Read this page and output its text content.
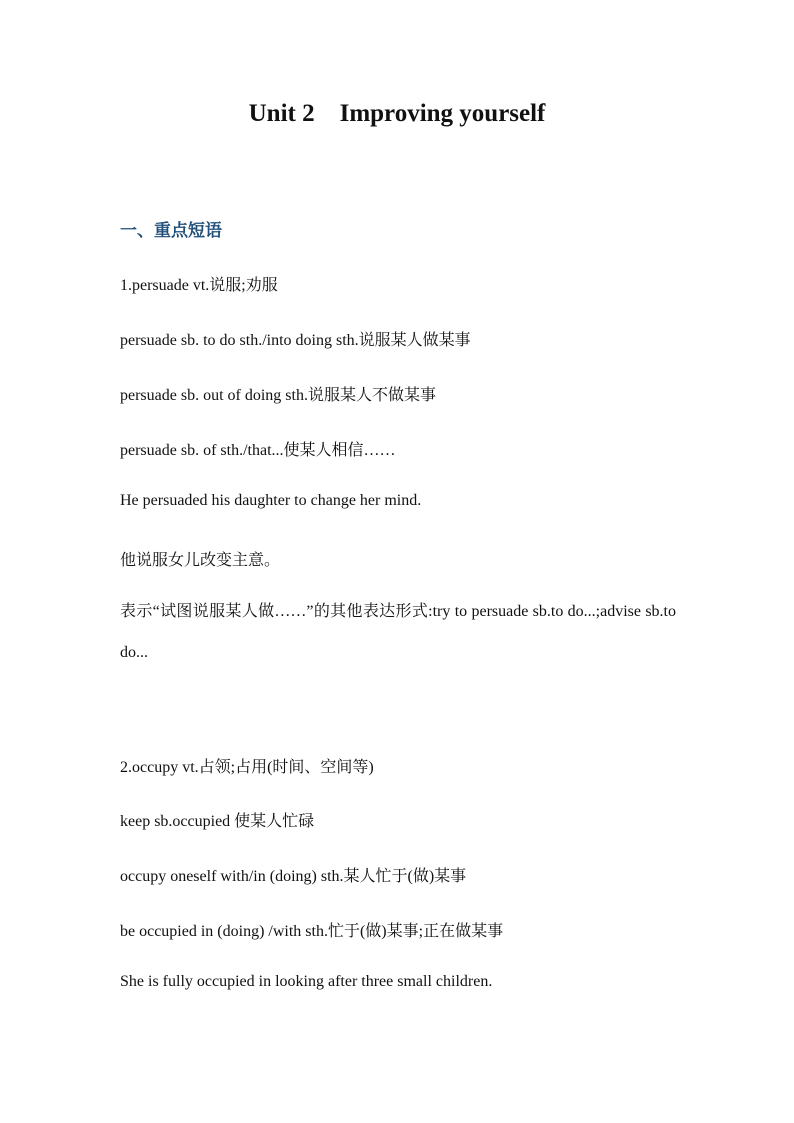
Unit 2    Improving yourself
一、重点短语
1.persuade vt.说服;劝服
persuade sb. to do sth./into doing sth.说服某人做某事
persuade sb. out of doing sth.说服某人不做某事
persuade sb. of sth./that...使某人相信……
He persuaded his daughter to change her mind.
他说服女儿改变主意。
表示“试图说服某人做……”的其他表达形式:try to persuade sb.to do...;advise sb.to do...
2.occupy vt.占领;占用(时间、空间等)
keep sb.occupied 使某人忙碌
occupy oneself with/in (doing) sth.某人忙于(做)某事
be occupied in (doing) /with sth.忙于(做)某事;正在做某事
She is fully occupied in looking after three small children.
